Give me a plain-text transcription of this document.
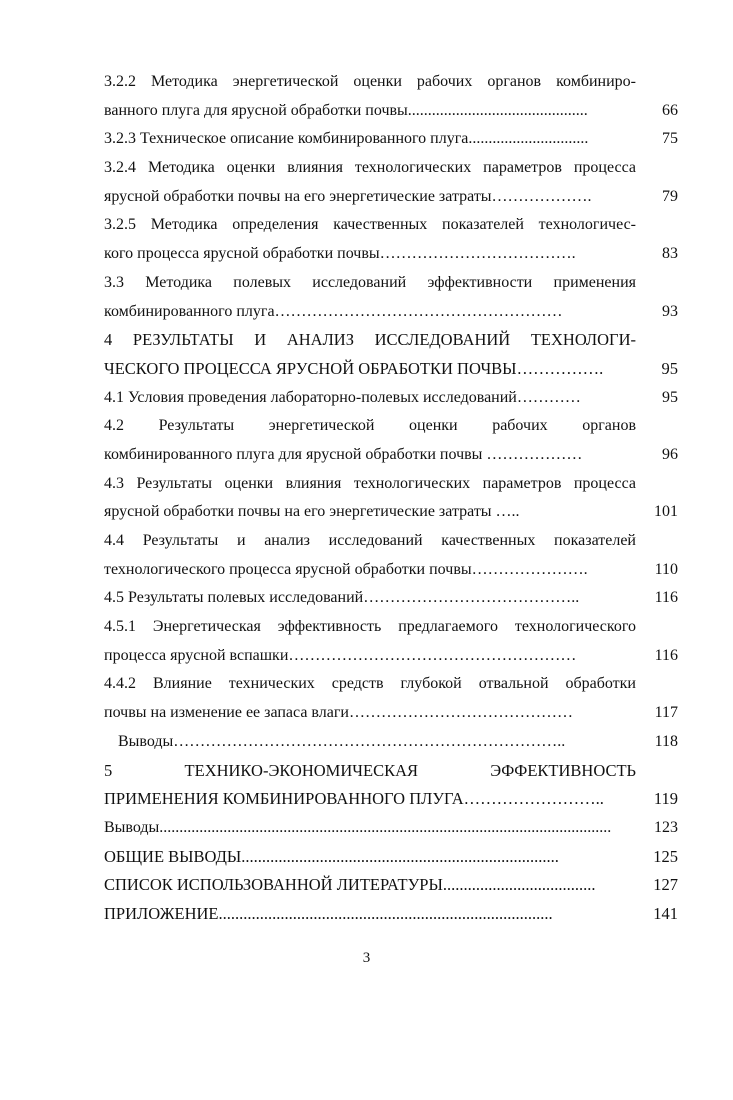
3.2.2 Методика энергетической оценки рабочих органов комбиниро-
ванного плуга для ярусной обработки почвы.............................................	66
3.2.3 Техническое описание комбинированного плуга..............................	75
3.2.4 Методика оценки влияния технологических параметров процесса
ярусной обработки почвы на его энергетические затраты……………….	79
3.2.5 Методика определения качественных показателей технологичес-
кого процесса ярусной обработки почвы……………………………….	83
3.3 Методика полевых исследований эффективности применения
комбинированного плуга………………………………………………	93
4 РЕЗУЛЬТАТЫ И АНАЛИЗ ИССЛЕДОВАНИЙ ТЕХНОЛОГИ-
ЧЕСКОГО ПРОЦЕССА ЯРУСНОЙ ОБРАБОТКИ ПОЧВЫ…………….	95
4.1 Условия проведения лабораторно-полевых исследований…………	95
4.2 Результаты энергетической оценки рабочих органов
комбинированного плуга для ярусной обработки почвы ………………	96
4.3 Результаты оценки влияния технологических параметров процесса
ярусной обработки почвы на его энергетические затраты …..	101
4.4 Результаты и анализ исследований качественных показателей
технологического процесса ярусной обработки почвы………………….	110
4.5 Результаты полевых исследований…………………………………..	116
4.5.1 Энергетическая эффективность предлагаемого технологического
процесса ярусной вспашки………………………………………………	116
4.4.2 Влияние технических средств глубокой отвальной обработки
почвы на изменение ее запаса влаги……………………………………	117
Выводы………………………………………………………………..	118
5 ТЕХНИКО-ЭКОНОМИЧЕСКАЯ ЭФФЕКТИВНОСТЬ
ПРИМЕНЕНИЯ КОМБИНИРОВАННОГО ПЛУГА……………………..	119
Выводы.................................................................................................................	123
ОБЩИЕ ВЫВОДЫ.............................................................................	125
СПИСОК ИСПОЛЬЗОВАННОЙ ЛИТЕРАТУРЫ.....................................	127
ПРИЛОЖЕНИЕ.................................................................................	141
3
